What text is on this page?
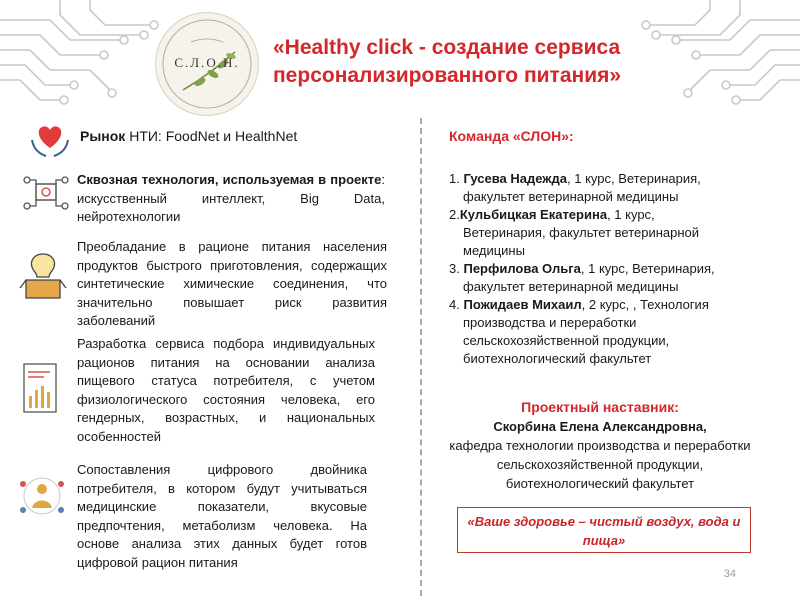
С.Л.О.Н.
«Healthy click - создание сервиса персонализированного питания»
Рынок НТИ: FoodNet и HealthNet
Сквозная технология, используемая в проекте: искусственный интеллект, Big Data, нейротехнологии
Преобладание в рационе питания населения продуктов быстрого приготовления, содержащих синтетические химические соединения, что значительно повышает риск развития заболеваний
Разработка сервиса подбора индивидуальных рационов питания на основании анализа пищевого статуса потребителя, с учетом физиологического состояния человека, его гендерных, возрастных, и национальных особенностей
Сопоставления цифрового двойника потребителя, в котором будут учитываться медицинские показатели, вкусовые предпочтения, метаболизм человека. На основе анализа этих данных будет готов цифровой рацион питания
Команда «СЛОН»:
1. Гусева Надежда, 1 курс, Ветеринария,
факультет ветеринарной медицины
2.Кульбицкая Екатерина, 1 курс,
Ветеринария, факультет ветеринарной медицины
3. Перфилова Ольга, 1 курс, Ветеринария,
факультет ветеринарной медицины
4. Пожидаев Михаил, 2 курс, , Технология
производства и переработки сельскохозяйственной продукции, биотехнологический факультет
Проектный наставник:
Скорбина Елена Александровна,
кафедра технологии производства и переработки сельскохозяйственной продукции, биотехнологический факультет
«Ваше здоровье – чистый воздух, вода и пища»
34
